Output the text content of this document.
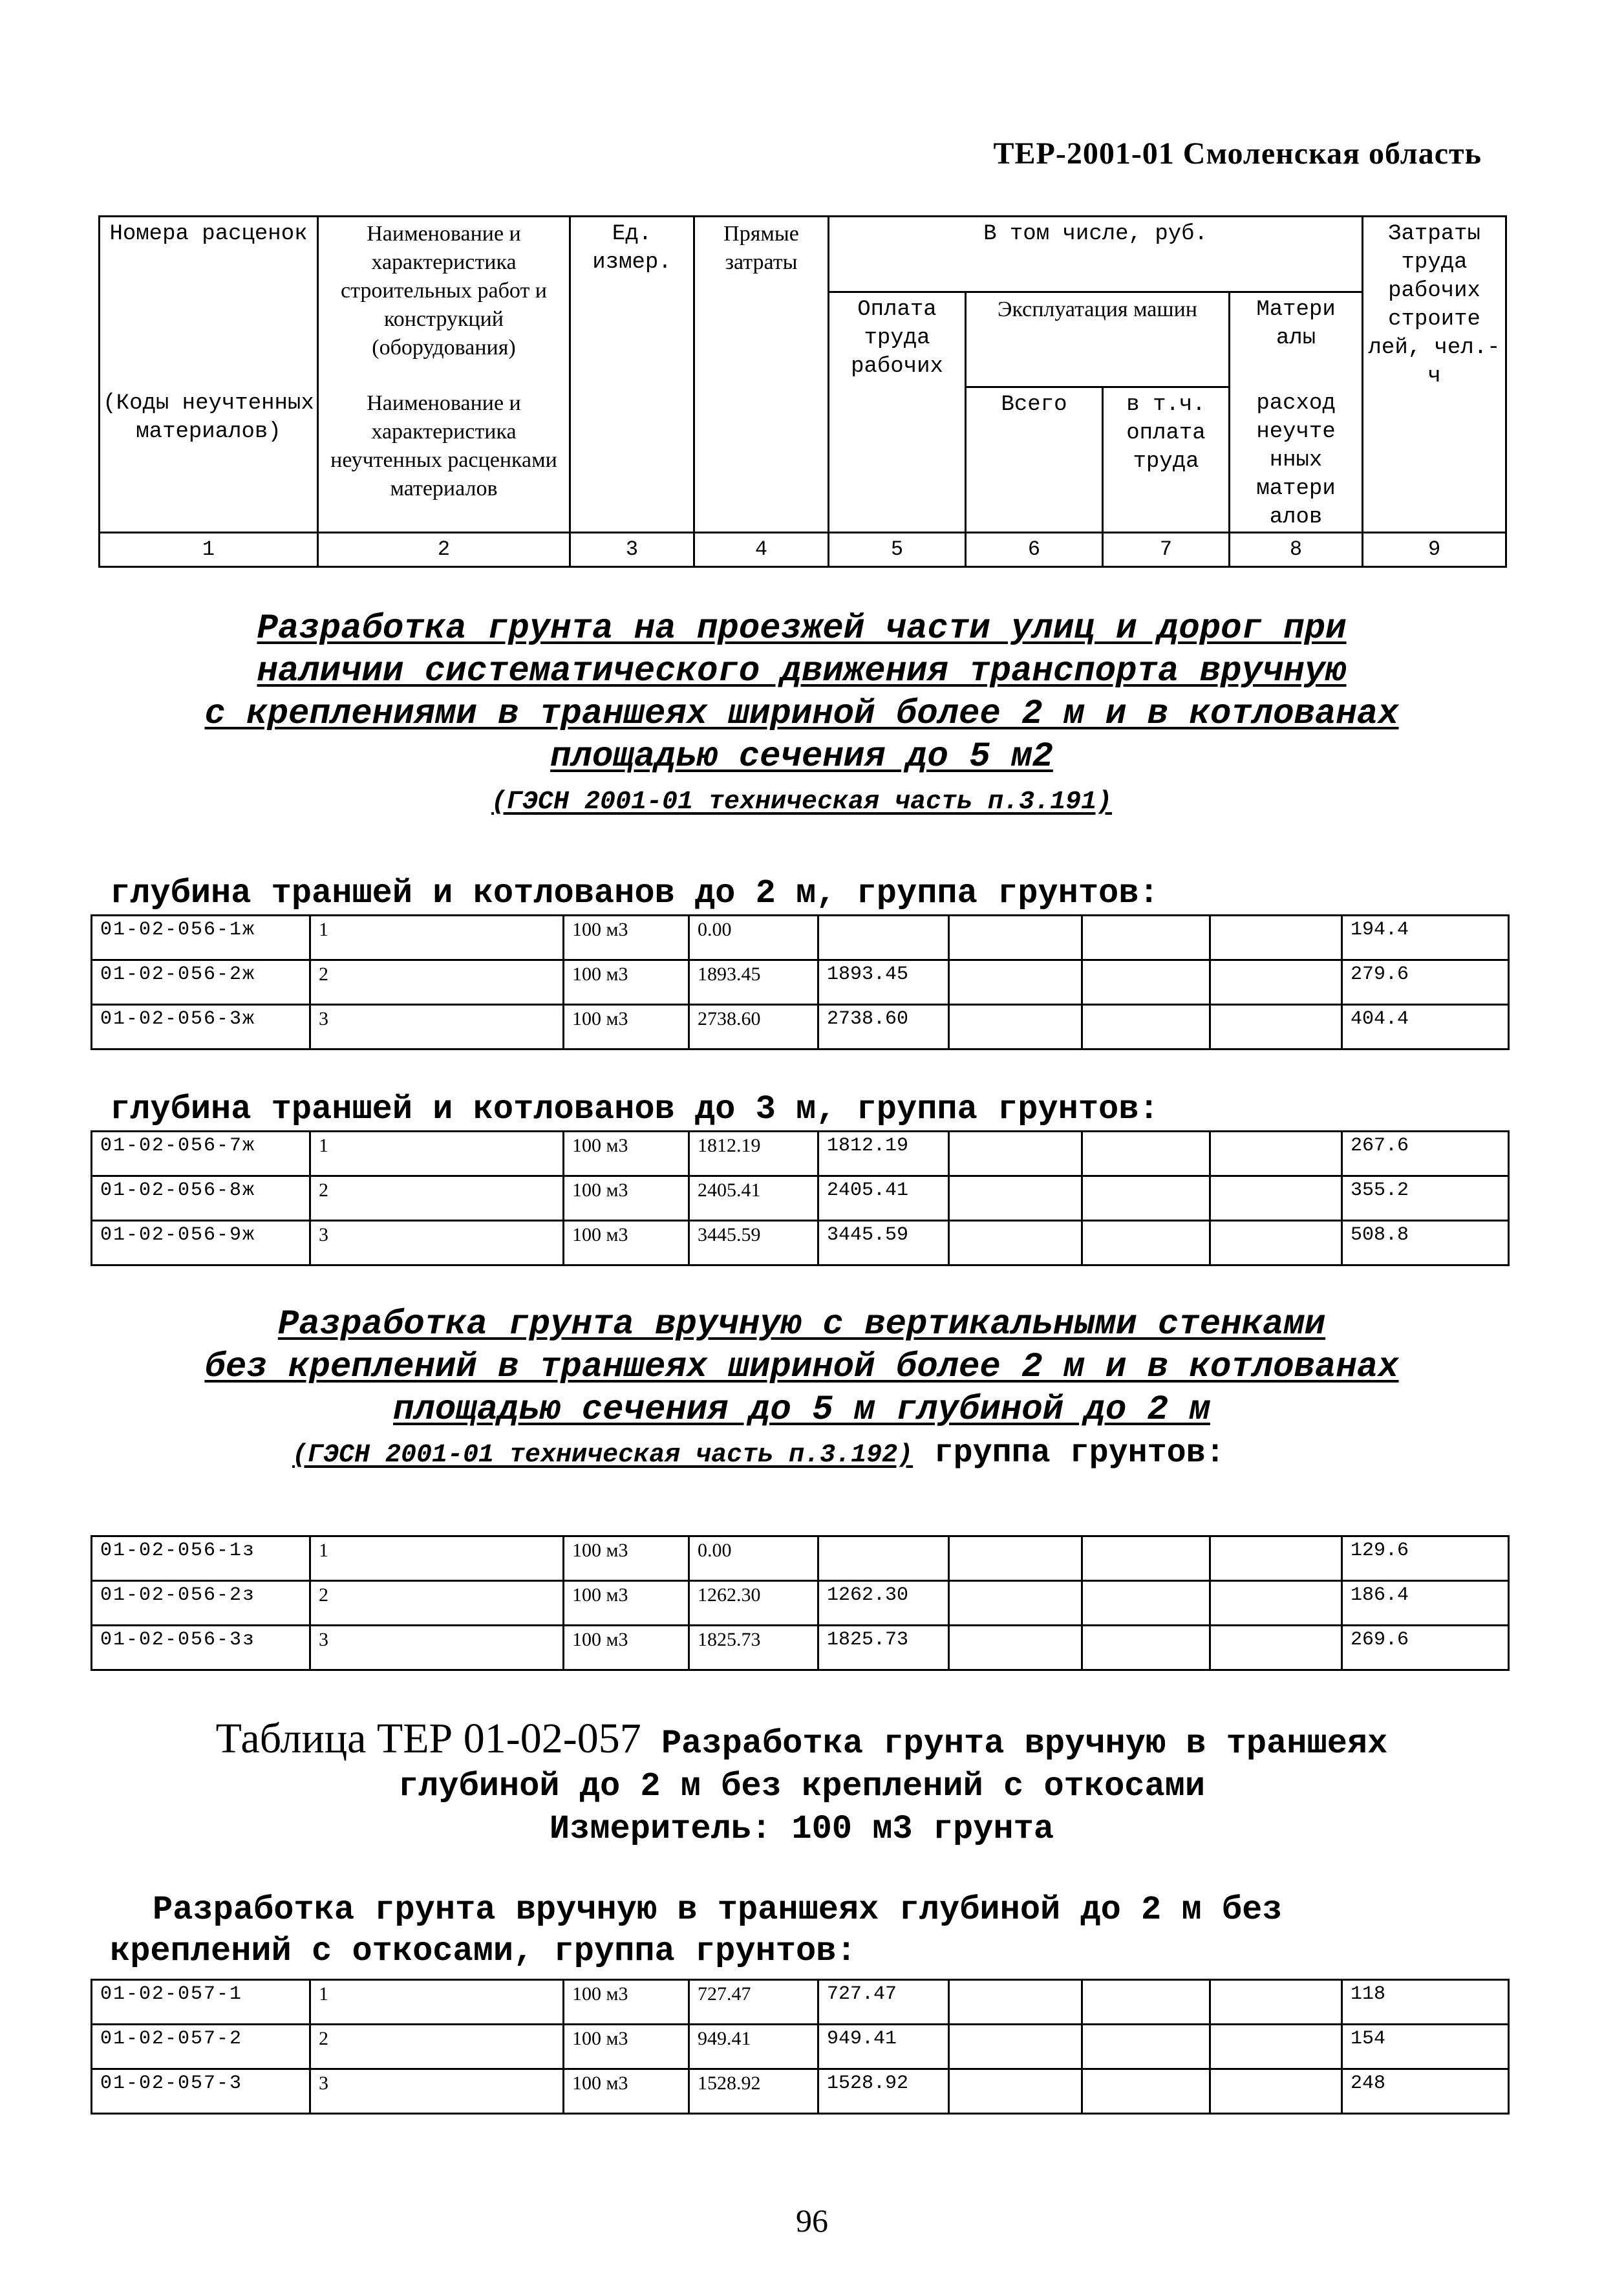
ТЕР-2001-01 Смоленская область
Номера расценок	Наименование и характеристика строительных работ и конструкций (оборудования)	Ед. измер.	Прямые затраты	В том числе, руб.				Затраты труда рабочих строите лей, чел.-ч
				Оплата труда рабочих	Эксплуатация машин		Матери алы	
(Коды неучтенных материалов)	Наименование и характеристика неучтенных расценками материалов				Всего	в т.ч. оплата труда	расход неучте нных матери алов	

1	2	3	4	5	6	7	8	9
Разработка грунта на проезжей части улиц и дорог при
наличии систематического движения транспорта вручную
с креплениями в траншеях шириной более 2 м и в котлованах
площадью сечения до 5 м2
(ГЭСН 2001-01 техническая часть п.3.191)
глубина траншей и котлованов до 2 м, группа грунтов:
01-02-056-1ж	1	100 м3	0.00					194.4
01-02-056-2ж	2	100 м3	1893.45	1893.45				279.6
01-02-056-3ж	3	100 м3	2738.60	2738.60				404.4
глубина траншей и котлованов до 3 м, группа грунтов:
01-02-056-7ж	1	100 м3	1812.19	1812.19				267.6
01-02-056-8ж	2	100 м3	2405.41	2405.41				355.2
01-02-056-9ж	3	100 м3	3445.59	3445.59				508.8
Разработка грунта вручную с вертикальными стенками
без креплений в траншеях шириной более 2 м и в котлованах
площадью сечения до 5 м глубиной до 2 м
(ГЭСН 2001-01 техническая часть п.3.192) группа грунтов:
01-02-056-1з	1	100 м3	0.00					129.6
01-02-056-2з	2	100 м3	1262.30	1262.30				186.4
01-02-056-3з	3	100 м3	1825.73	1825.73				269.6
Таблица ТЕР 01-02-057 Разработка грунта вручную в траншеях
глубиной до 2 м без креплений с откосами
Измеритель: 100 м3 грунта
Разработка грунта вручную в траншеях глубиной до 2 м без
креплений с откосами, группа грунтов:
01-02-057-1	1	100 м3	727.47	727.47				118
01-02-057-2	2	100 м3	949.41	949.41				154
01-02-057-3	3	100 м3	1528.92	1528.92				248
96
